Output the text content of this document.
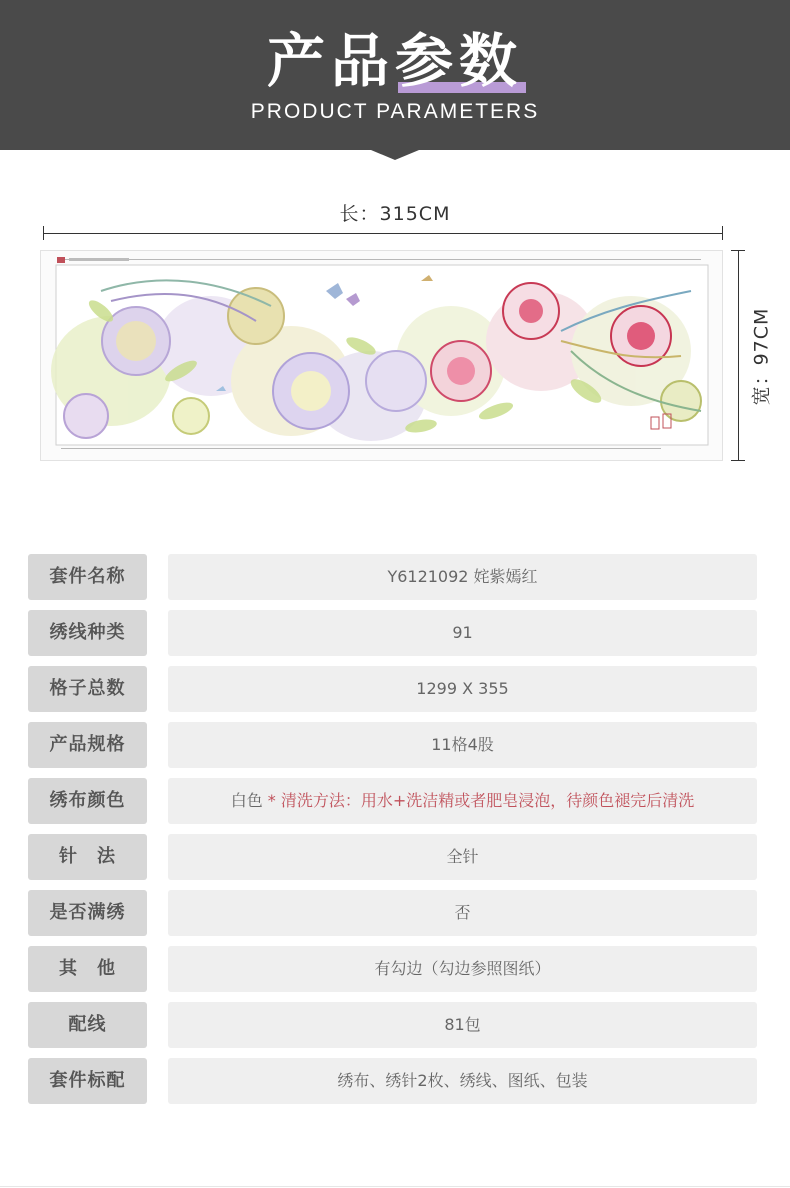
产品参数
PRODUCT PARAMETERS
长：315CM
宽：97CM
套件名称	Y6121092 姹紫嫣红
绣线种类	91
格子总数	1299 X 355
产品规格	11格4股
绣布颜色	白色 * 清洗方法：用水+洗洁精或者肥皂浸泡，待颜色褪完后清洗
针　法	全针
是否满绣	否
其　他	有勾边（勾边参照图纸）
配线	81包
套件标配	绣布、绣针2枚、绣线、图纸、包装
